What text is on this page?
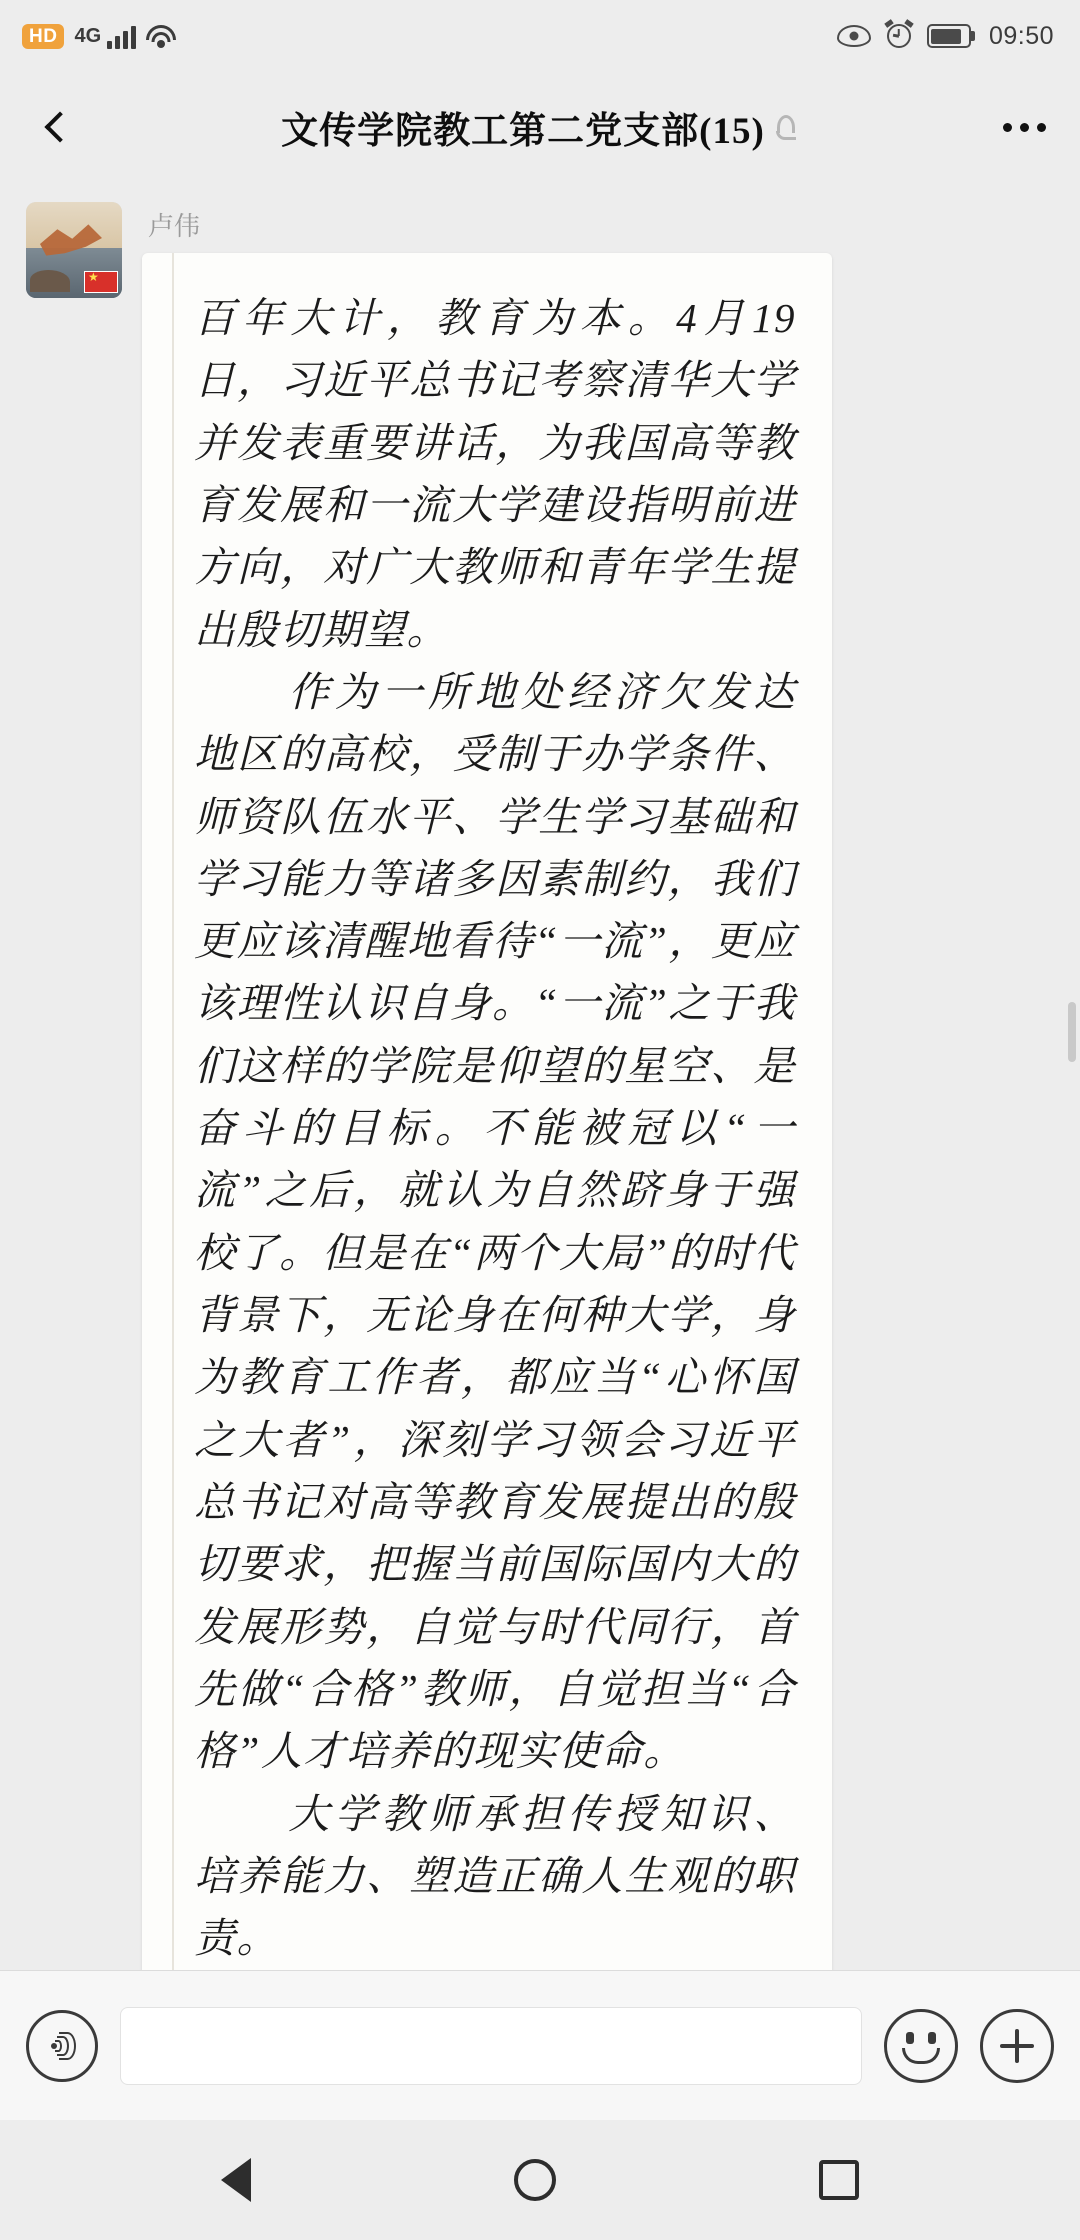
HD 4G	09:50
文传学院教工第二党支部(15)
★
卢伟

百年大计，教育为本。4月19日，习近平总书记考察清华大学并发表重要讲话，为我国高等教育发展和一流大学建设指明前进方向，对广大教师和青年学生提出殷切期望。

作为一所地处经济欠发达地区的高校，受制于办学条件、师资队伍水平、学生学习基础和学习能力等诸多因素制约，我们更应该清醒地看待“一流”，更应该理性认识自身。“一流”之于我们这样的学院是仰望的星空、是奋斗的目标。不能被冠以“一流”之后，就认为自然跻身于强校了。但是在“两个大局”的时代背景下，无论身在何种大学，身为教育工作者，都应当“心怀国之大者”，深刻学习领会习近平总书记对高等教育发展提出的殷切要求，把握当前国际国内大的发展形势，自觉与时代同行，首先做“合格”教师，自觉担当“合格”人才培养的现实使命。

大学教师承担传授知识、培养能力、塑造正确人生观的职责。
